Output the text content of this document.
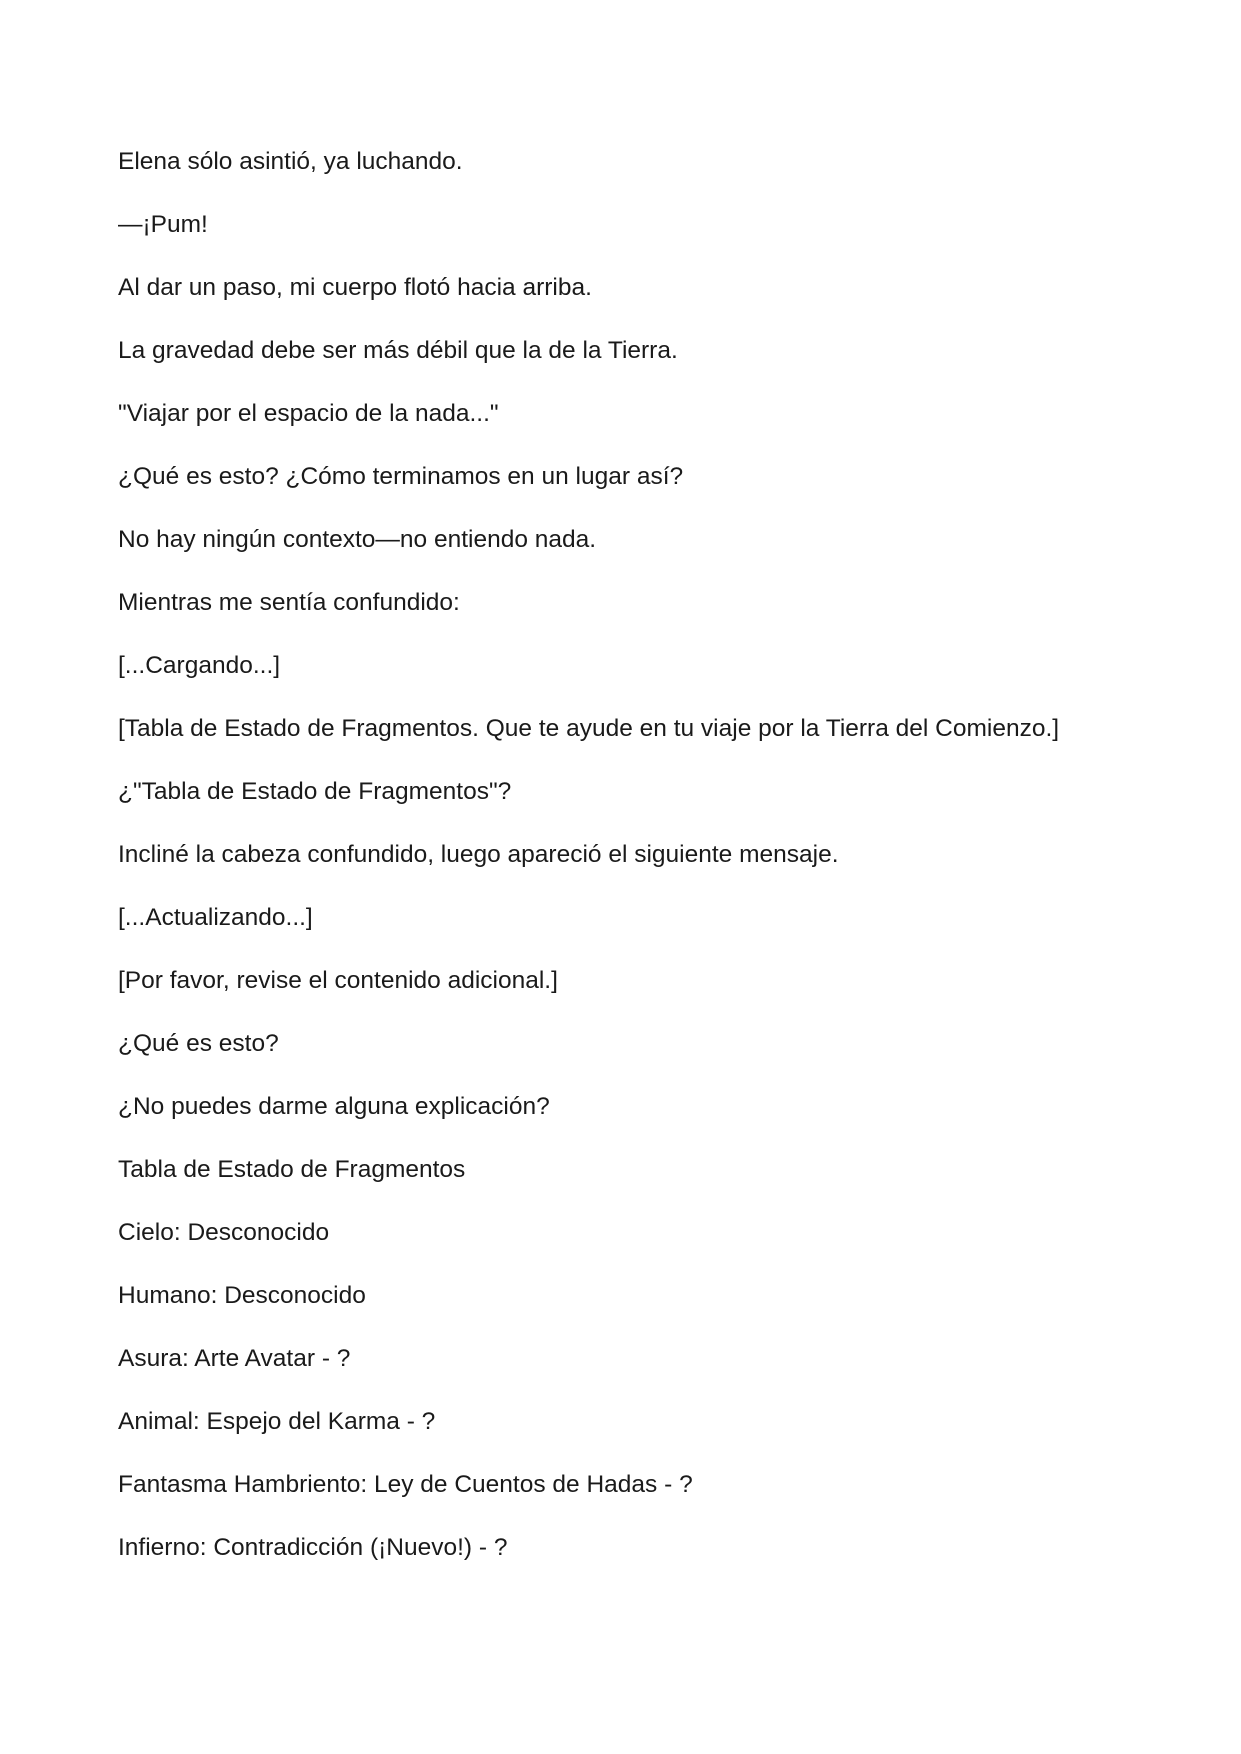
Elena sólo asintió, ya luchando.

—¡Pum!

Al dar un paso, mi cuerpo flotó hacia arriba.

La gravedad debe ser más débil que la de la Tierra.

"Viajar por el espacio de la nada..."

¿Qué es esto? ¿Cómo terminamos en un lugar así?

No hay ningún contexto—no entiendo nada.

Mientras me sentía confundido:

[...Cargando...]

[Tabla de Estado de Fragmentos. Que te ayude en tu viaje por la Tierra del Comienzo.]

¿"Tabla de Estado de Fragmentos"?

Incliné la cabeza confundido, luego apareció el siguiente mensaje.

[...Actualizando...]

[Por favor, revise el contenido adicional.]

¿Qué es esto?

¿No puedes darme alguna explicación?

Tabla de Estado de Fragmentos

Cielo: Desconocido

Humano: Desconocido

Asura: Arte Avatar - ?

Animal: Espejo del Karma - ?

Fantasma Hambriento: Ley de Cuentos de Hadas - ?

Infierno: Contradicción (¡Nuevo!) - ?
